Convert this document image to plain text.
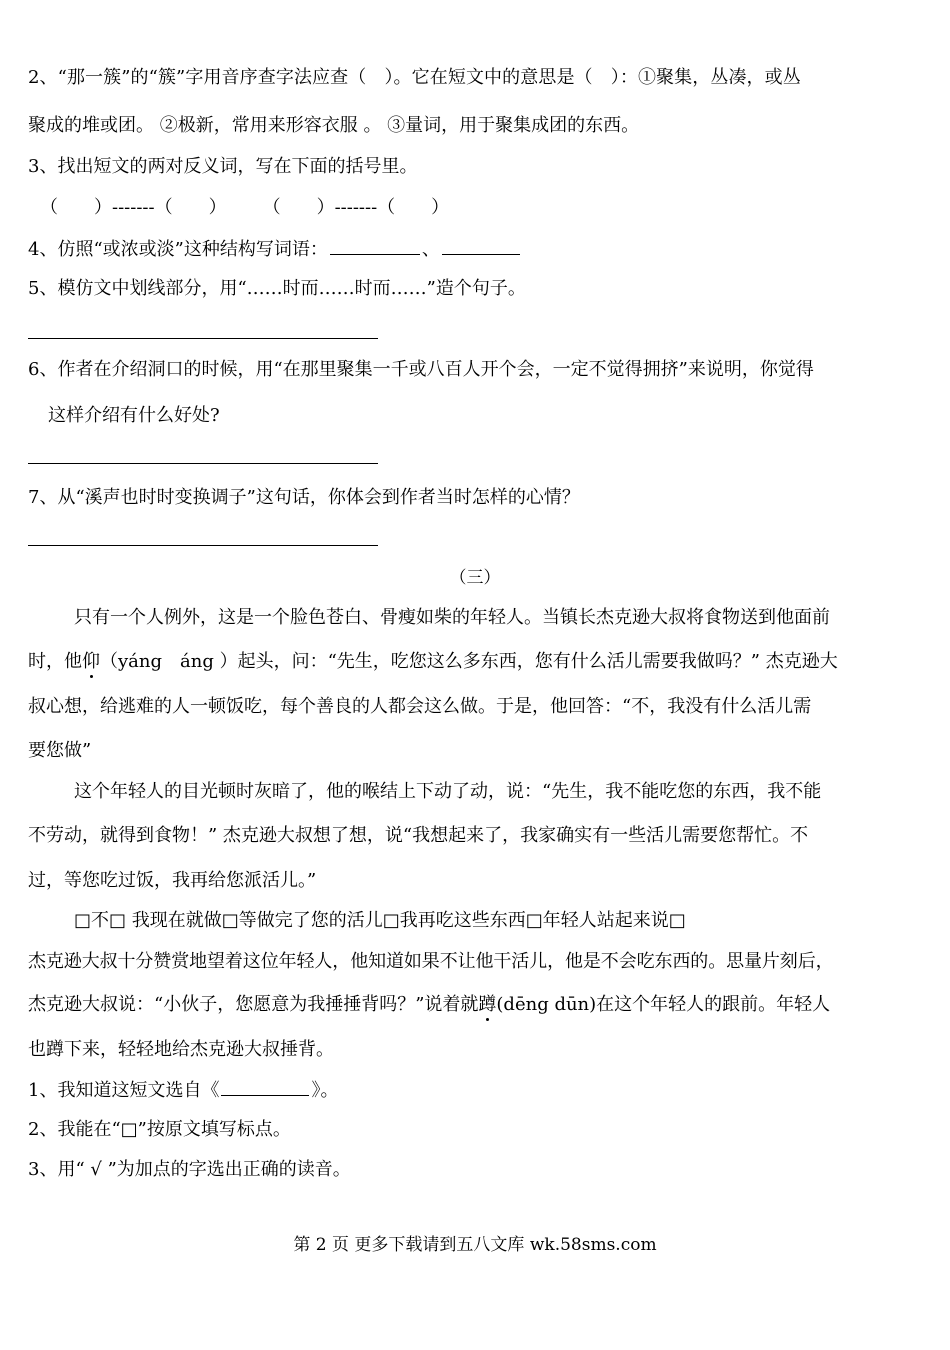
2、“那一簇”的“簇”字用音序查字法应查（　）。它在短文中的意思是（　）：①聚集，丛凑，或丛
聚成的堆或团。 ②极新，常用来形容衣服 。 ③量词，用于聚集成团的东西。
3、找出短文的两对反义词，写在下面的括号里。
（　　）-------（　　）　　　（　　）-------（　　）
4、仿照“或浓或淡”这种结构写词语：	、
5、模仿文中划线部分，用“……时而……时而……”造个句子。
6、作者在介绍洞口的时候，用“在那里聚集一千或八百人开个会，一定不觉得拥挤”来说明，你觉得
这样介绍有什么好处?
7、从“溪声也时时变换调子”这句话，你体会到作者当时怎样的心情？
（三）
只有一个人例外，这是一个脸色苍白、骨瘦如柴的年轻人。当镇长杰克逊大叔将食物送到他面前
时，他仰（yáng　áng ）起头，问：“先生，吃您这么多东西，您有什么活儿需要我做吗？” 杰克逊大
叔心想，给逃难的人一顿饭吃，每个善良的人都会这么做。于是，他回答：“不，我没有什么活儿需
要您做”
这个年轻人的目光顿时灰暗了，他的喉结上下动了动，说：“先生，我不能吃您的东西，我不能
不劳动，就得到食物！” 杰克逊大叔想了想，说“我想起来了，我家确实有一些活儿需要您帮忙。不
过，等您吃过饭，我再给您派活儿。”
□不□ 我现在就做□等做完了您的活儿□我再吃这些东西□年轻人站起来说□
杰克逊大叔十分赞赏地望着这位年轻人，他知道如果不让他干活儿，他是不会吃东西的。思量片刻后，
杰克逊大叔说：“小伙子，您愿意为我捶捶背吗？”说着就蹲(dēng dūn)在这个年轻人的跟前。年轻人
也蹲下来，轻轻地给杰克逊大叔捶背。
1、我知道这短文选自《	》。
2、我能在“□”按原文填写标点。
3、用“ √ ”为加点的字选出正确的读音。
第 2 页 更多下载请到五八文库 wk.58sms.com
